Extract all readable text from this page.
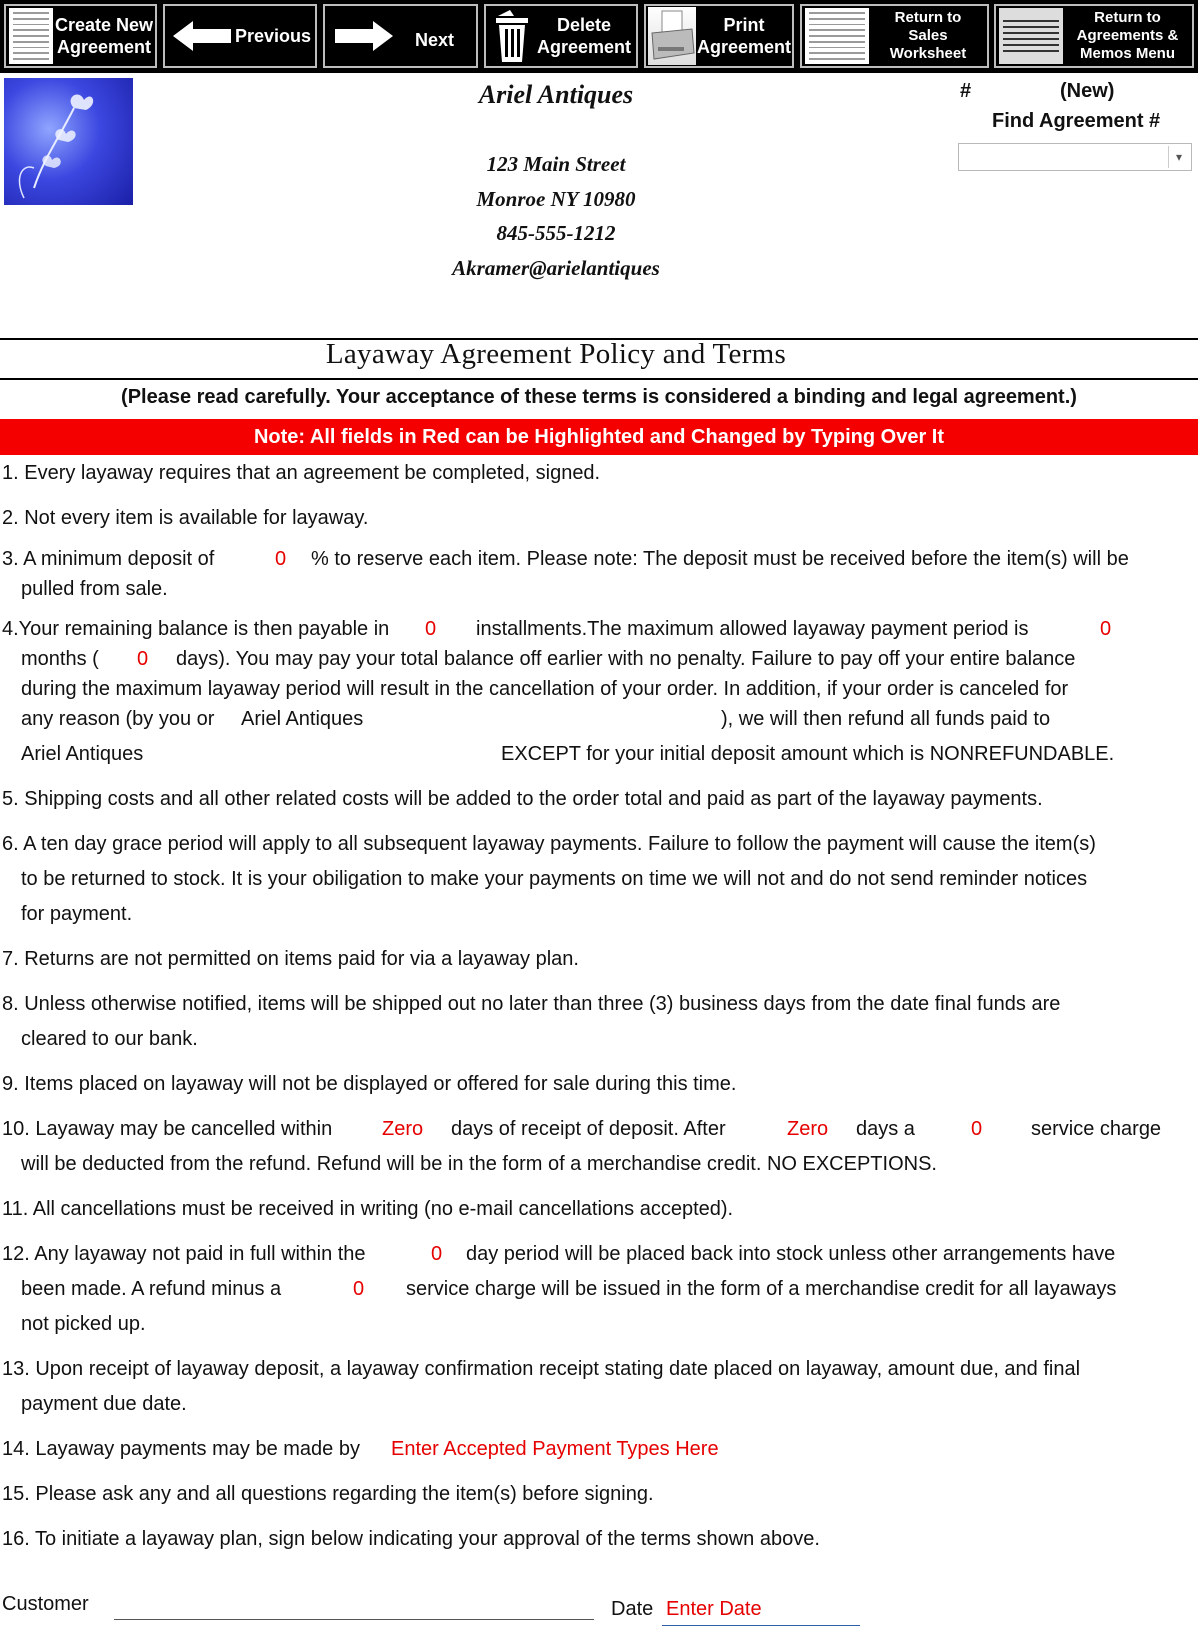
Create New
Agreement
Previous	Next
Delete
Agreement
Print
Agreement
Return to
Sales
Worksheet
Return to
Agreements &
Memos Menu
Ariel Antiques
123 Main Street
Monroe NY 10980
845-555-1212
Akramer@arielantiques
#	(New)
Find Agreement #
▾
Layaway Agreement Policy and Terms
(Please read carefully. Your acceptance of these terms is considered a binding and legal agreement.)
Note: All fields in Red can be Highlighted and Changed by Typing Over It
1. Every layaway requires that an agreement be completed, signed.
2. Not every item is available for layaway.
3. A minimum deposit of	0 % to reserve each item. Please note: The deposit must be received before the item(s) will be
pulled from sale.
4.Your remaining balance is then payable in 0 installments.The maximum allowed layaway payment period is	0
months ( 0 days). You may pay your total balance off earlier with no penalty. Failure to pay off your entire balance
during the maximum layaway period will result in the cancellation of your order. In addition, if your order is canceled for
any reason (by you or Ariel Antiques	), we will then refund all funds paid to
Ariel Antiques	EXCEPT for your initial deposit amount which is NONREFUNDABLE.
5. Shipping costs and all other related costs will be added to the order total and paid as part of the layaway payments.
6. A ten day grace period will apply to all subsequent layaway payments. Failure to follow the payment will cause the item(s)
to be returned to stock. It is your obiligation to make your payments on time we will not and do not send reminder notices
for payment.
7. Returns are not permitted on items paid for via a layaway plan.
8. Unless otherwise notified, items will be shipped out no later than three (3) business days from the date final funds are
cleared to our bank.
9. Items placed on layaway will not be displayed or offered for sale during this time.
10. Layaway may be cancelled within Zero days of receipt of deposit. After	Zero days a	0 service charge
will be deducted from the refund. Refund will be in the form of a merchandise credit. NO EXCEPTIONS.
11. All cancellations must be received in writing (no e-mail cancellations accepted).
12. Any layaway not paid in full within the	0 day period will be placed back into stock unless other arrangements have
been made. A refund minus a	0 service charge will be issued in the form of a merchandise credit for all layaways
not picked up.
13. Upon receipt of layaway deposit, a layaway confirmation receipt stating date placed on layaway, amount due, and final
payment due date.
14. Layaway payments may be made by Enter Accepted Payment Types Here
15. Please ask any and all questions regarding the item(s) before signing.
16. To initiate a layaway plan, sign below indicating your approval of the terms shown above.
Customer	Date Enter Date
